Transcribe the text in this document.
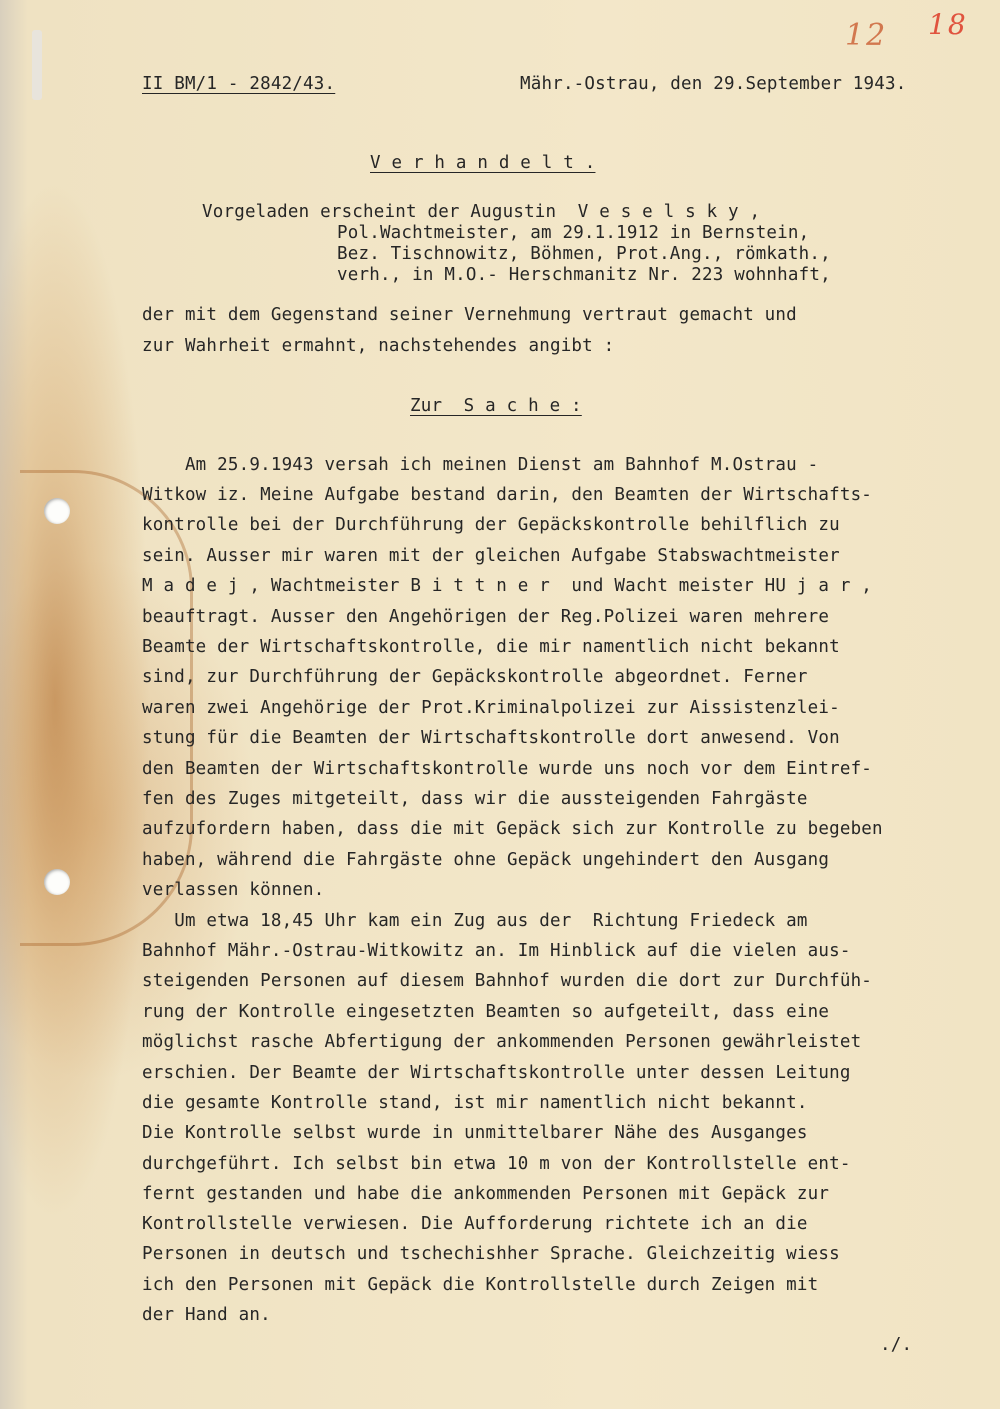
12 18
II BM/1 - 2842/43.	Mähr.-Ostrau, den 29.September 1943.
V e r h a n d e l t .
Vorgeladen erscheint der Augustin  V e s e l s k y ,
Pol.Wachtmeister, am 29.1.1912 in Bernstein,
Bez. Tischnowitz, Böhmen, Prot.Ang., römkath.,
verh., in M.O.- Herschmanitz Nr. 223 wohnhaft,
der mit dem Gegenstand seiner Vernehmung vertraut gemacht und
zur Wahrheit ermahnt, nachstehendes angibt :
Zur  S a c h e :
Am 25.9.1943 versah ich meinen Dienst am Bahnhof M.Ostrau -
Witkow iz. Meine Aufgabe bestand darin, den Beamten der Wirtschafts-
kontrolle bei der Durchführung der Gepäckskontrolle behilflich zu
sein. Ausser mir waren mit der gleichen Aufgabe Stabswachtmeister
M a d e j , Wachtmeister B i t t n e r  und Wacht meister HU j a r ,
beauftragt. Ausser den Angehörigen der Reg.Polizei waren mehrere
Beamte der Wirtschaftskontrolle, die mir namentlich nicht bekannt
sind, zur Durchführung der Gepäckskontrolle abgeordnet. Ferner
waren zwei Angehörige der Prot.Kriminalpolizei zur Aissistenzlei-
stung für die Beamten der Wirtschaftskontrolle dort anwesend. Von
den Beamten der Wirtschaftskontrolle wurde uns noch vor dem Eintref-
fen des Zuges mitgeteilt, dass wir die aussteigenden Fahrgäste
aufzufordern haben, dass die mit Gepäck sich zur Kontrolle zu begeben
haben, während die Fahrgäste ohne Gepäck ungehindert den Ausgang
verlassen können.
Um etwa 18,45 Uhr kam ein Zug aus der  Richtung Friedeck am
Bahnhof Mähr.-Ostrau-Witkowitz an. Im Hinblick auf die vielen aus-
steigenden Personen auf diesem Bahnhof wurden die dort zur Durchfüh-
rung der Kontrolle eingesetzten Beamten so aufgeteilt, dass eine
möglichst rasche Abfertigung der ankommenden Personen gewährleistet
erschien. Der Beamte der Wirtschaftskontrolle unter dessen Leitung
die gesamte Kontrolle stand, ist mir namentlich nicht bekannt.
Die Kontrolle selbst wurde in unmittelbarer Nähe des Ausganges
durchgeführt. Ich selbst bin etwa 10 m von der Kontrollstelle ent-
fernt gestanden und habe die ankommenden Personen mit Gepäck zur
Kontrollstelle verwiesen. Die Aufforderung richtete ich an die
Personen in deutsch und tschechishher Sprache. Gleichzeitig wiess
ich den Personen mit Gepäck die Kontrollstelle durch Zeigen mit
der Hand an.
./.
